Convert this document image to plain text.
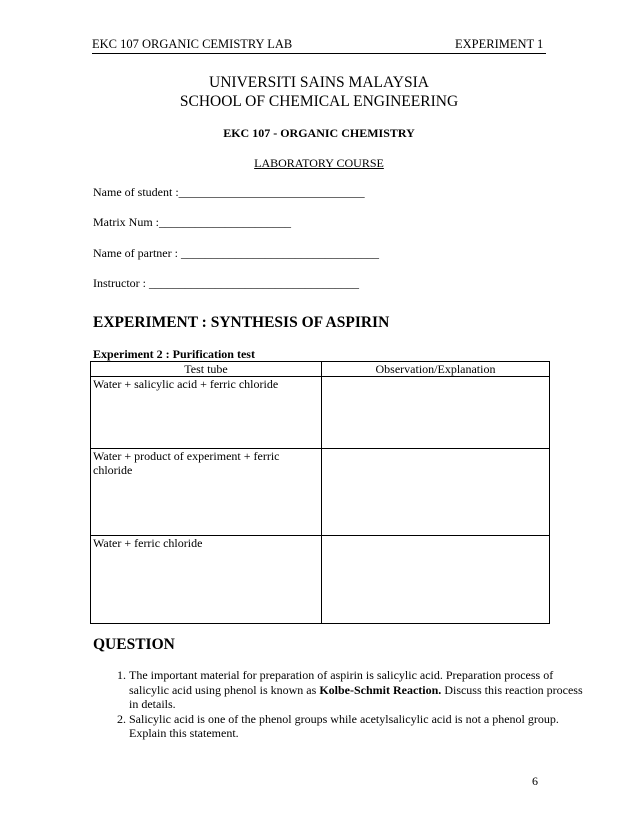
EKC 107 ORGANIC CEMISTRY LAB	EXPERIMENT 1
UNIVERSITI SAINS MALAYSIA
SCHOOL OF CHEMICAL ENGINEERING
EKC 107 - ORGANIC CHEMISTRY
LABORATORY COURSE
Name of student :_______________________________
Matrix Num :______________________
Name of partner : _________________________________
Instructor : ___________________________________
EXPERIMENT : SYNTHESIS OF ASPIRIN
Experiment 2 : Purification test
Test tube	Observation/Explanation
Water + salicylic acid + ferric chloride	
Water + product of experiment + ferric chloride	
Water + ferric chloride	
QUESTION
1. The important material for preparation of aspirin is salicylic acid. Preparation process of salicylic acid using phenol is known as Kolbe-Schmit Reaction. Discuss this reaction process in details.
2. Salicylic acid is one of the phenol groups while acetylsalicylic acid is not a phenol group. Explain this statement.
6
